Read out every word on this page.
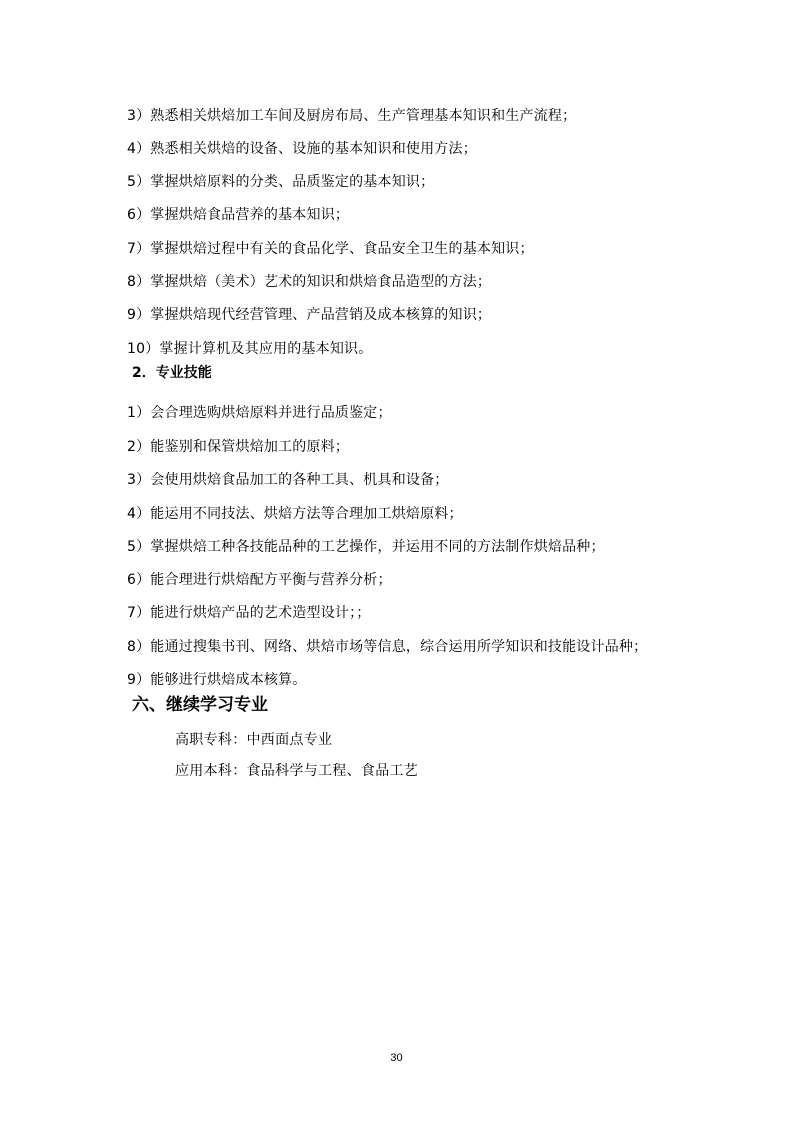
3）熟悉相关烘焙加工车间及厨房布局、生产管理基本知识和生产流程；
4）熟悉相关烘焙的设备、设施的基本知识和使用方法；
5）掌握烘焙原料的分类、品质鉴定的基本知识；
6）掌握烘焙食品营养的基本知识；
7）掌握烘焙过程中有关的食品化学、食品安全卫生的基本知识；
8）掌握烘焙（美术）艺术的知识和烘焙食品造型的方法；
9）掌握烘焙现代经营管理、产品营销及成本核算的知识；
10）掌握计算机及其应用的基本知识。
2．专业技能
1）会合理选购烘焙原料并进行品质鉴定；
2）能鉴别和保管烘焙加工的原料；
3）会使用烘焙食品加工的各种工具、机具和设备；
4）能运用不同技法、烘焙方法等合理加工烘焙原料；
5）掌握烘焙工种各技能品种的工艺操作，并运用不同的方法制作烘焙品种；
6）能合理进行烘焙配方平衡与营养分析；
7）能进行烘焙产品的艺术造型设计；；
8）能通过搜集书刊、网络、烘焙市场等信息，综合运用所学知识和技能设计品种；
9）能够进行烘焙成本核算。
六、继续学习专业
高职专科：中西面点专业
应用本科：食品科学与工程、食品工艺
30
